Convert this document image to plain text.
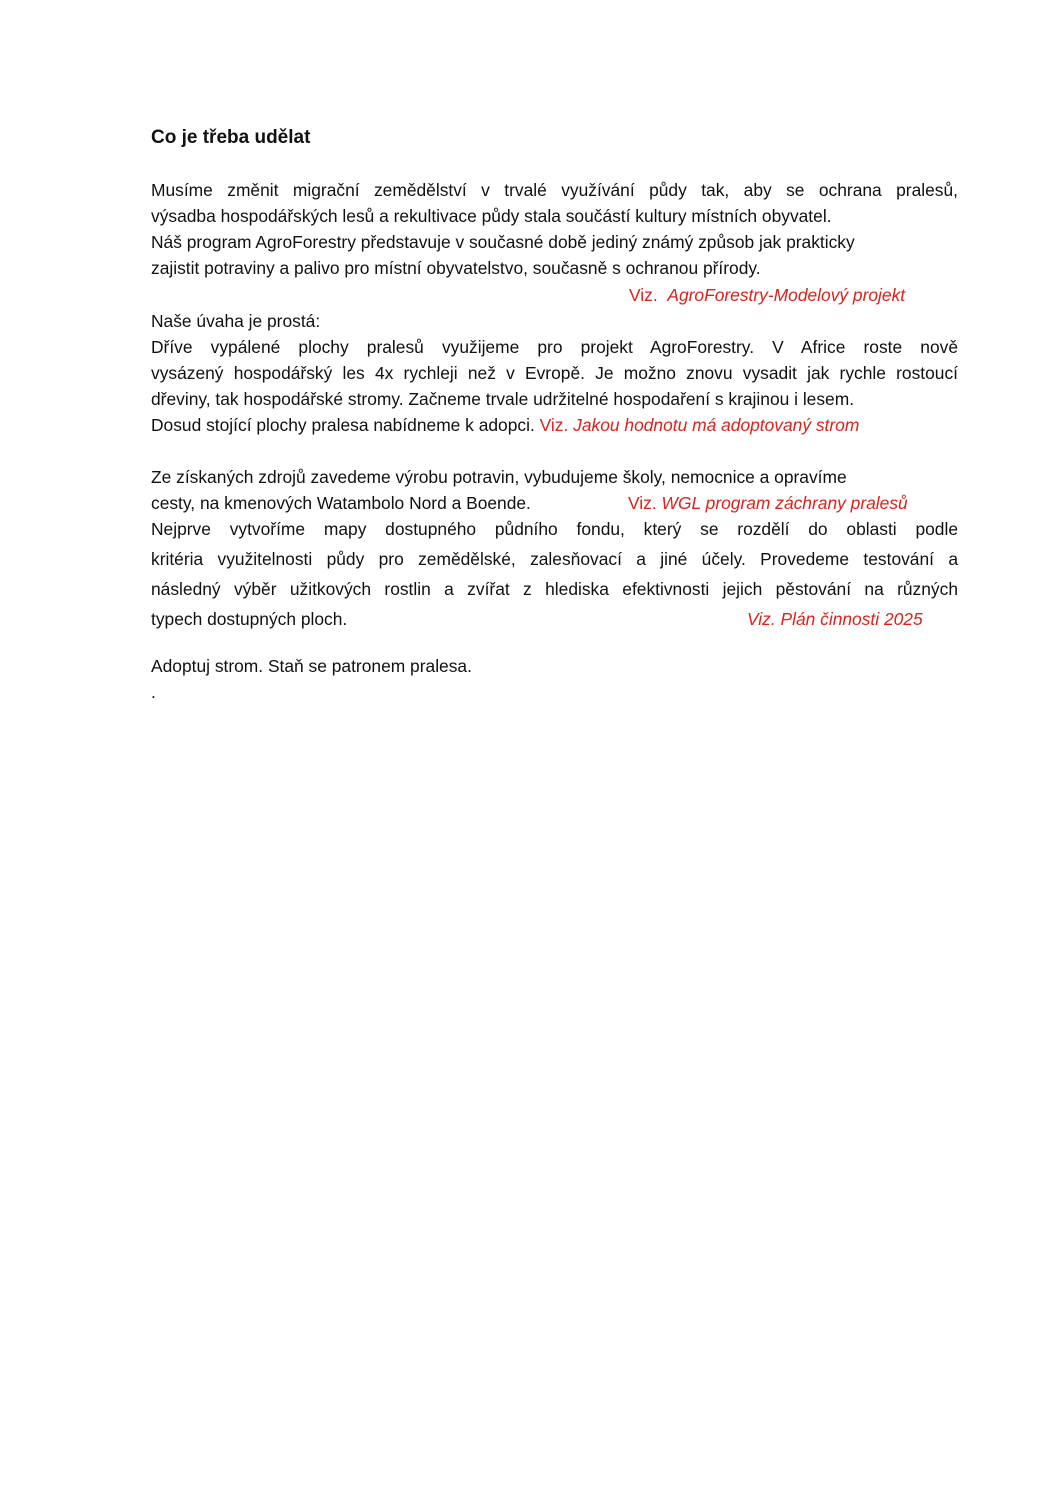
Co je třeba udělat
Musíme změnit migrační zemědělství v trvalé využívání půdy tak, aby se ochrana pralesů,
výsadba hospodářských lesů a rekultivace půdy stala součástí kultury místních obyvatel.
Náš program AgroForestry představuje v současné době jediný známý způsob jak prakticky
zajistit potraviny a palivo pro místní obyvatelstvo, současně s ochranou přírody.
Viz. AgroForestry-Modelový projekt
Naše úvaha je prostá:
Dříve vypálené plochy pralesů využijeme pro projekt AgroForestry. V Africe roste nově
vysázený hospodářský les 4x rychleji než v Evropě. Je možno znovu vysadit jak rychle rostoucí
dřeviny, tak hospodářské stromy. Začneme trvale udržitelné hospodaření s krajinou i lesem.
Dosud stojící plochy pralesa nabídneme k adopci. Viz. Jakou hodnotu má adoptovaný strom
Ze získaných zdrojů zavedeme výrobu potravin, vybudujeme školy, nemocnice a opravíme
cesty, na kmenových Watambolo Nord a Boende.	Viz. WGL program záchrany pralesů
Nejprve vytvoříme mapy dostupného půdního fondu, který se rozdělí do oblasti podle
kritéria využitelnosti půdy pro zemědělské, zalesňovací a jiné účely. Provedeme testování a
následný výběr užitkových rostlin a zvířat z hlediska efektivnosti jejich pěstování na různých
typech dostupných ploch.	Viz. Plán činnosti 2025
Adoptuj strom. Staň se patronem pralesa.
.
